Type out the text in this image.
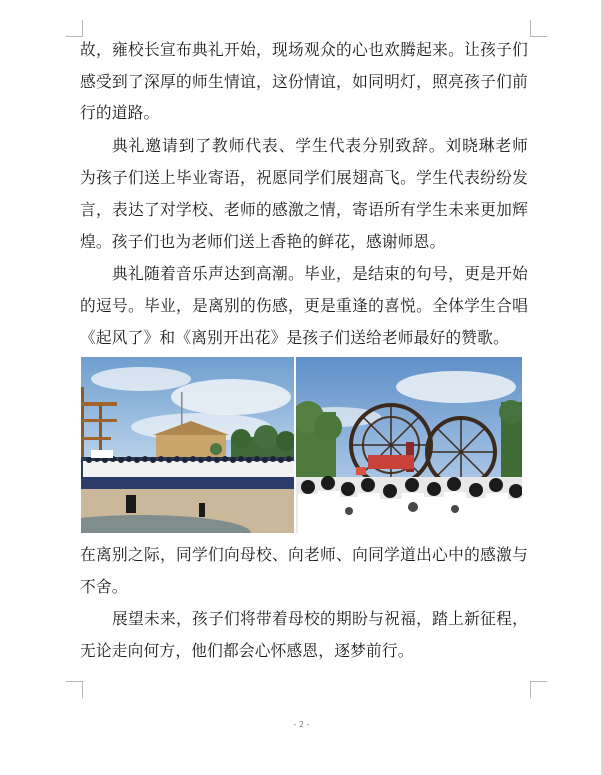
故，雍校长宣布典礼开始，现场观众的心也欢腾起来。让孩子们
感受到了深厚的师生情谊，这份情谊，如同明灯，照亮孩子们前
行的道路。
典礼邀请到了教师代表、学生代表分别致辞。刘晓琳老师
为孩子们送上毕业寄语，祝愿同学们展翅高飞。学生代表纷纷发
言，表达了对学校、老师的感激之情，寄语所有学生未来更加辉
煌。孩子们也为老师们送上香艳的鲜花，感谢师恩。
典礼随着音乐声达到高潮。毕业，是结束的句号，更是开始
的逗号。毕业，是离别的伤感，更是重逢的喜悦。全体学生合唱
《起风了》和《离别开出花》是孩子们送给老师最好的赞歌。
在离别之际，同学们向母校、向老师、向同学道出心中的感激与
不舍。
展望未来，孩子们将带着母校的期盼与祝福，踏上新征程，
无论走向何方，他们都会心怀感恩，逐梦前行。
- 2 -
